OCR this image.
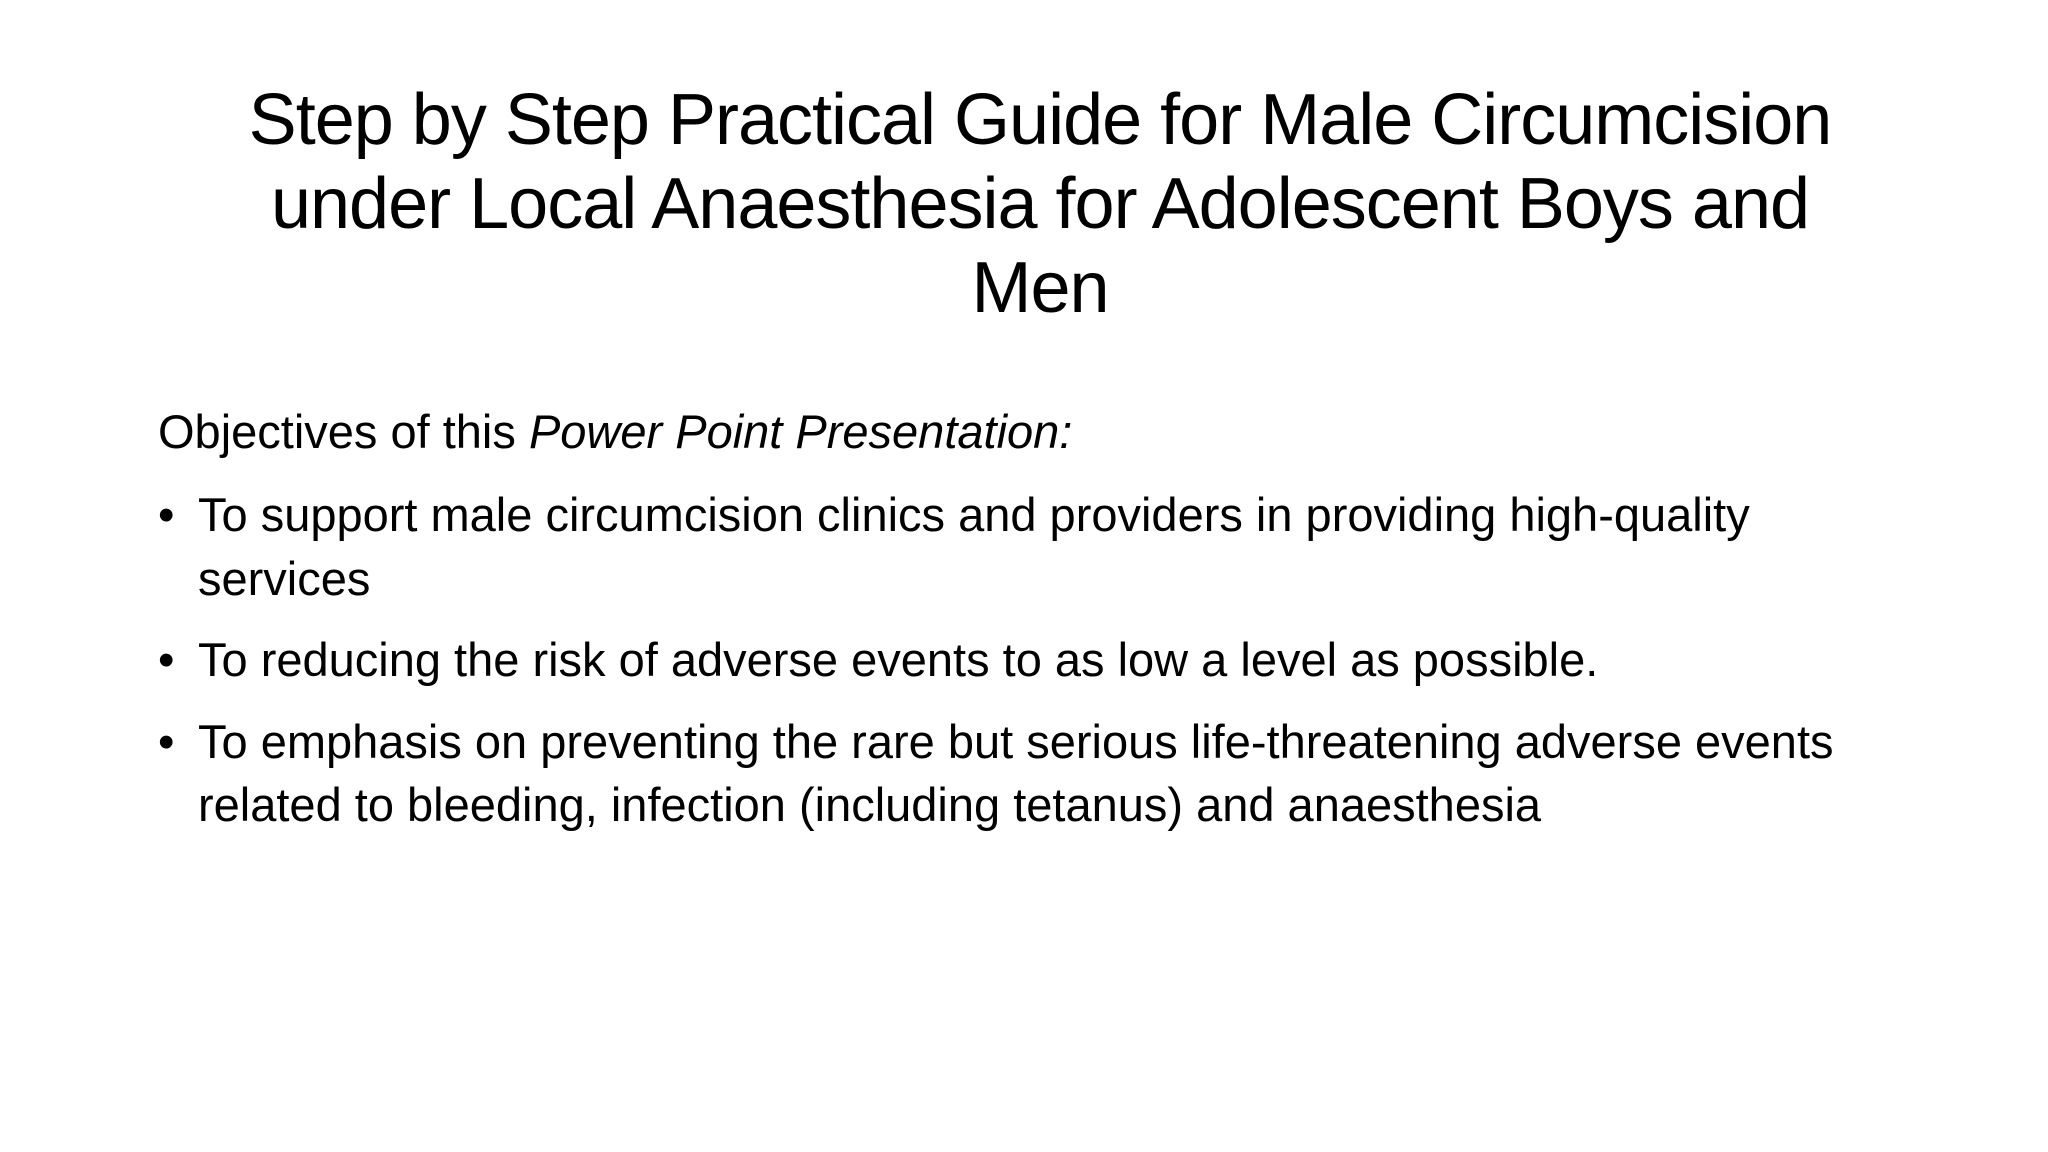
Step by Step Practical Guide for Male Circumcision
under Local Anaesthesia for Adolescent Boys and
Men

Objectives of this Power Point Presentation:

• To support male circumcision clinics and providers in providing high-quality services
• To reducing the risk of adverse events to as low a level as possible.
• To emphasis on preventing the rare but serious life-threatening adverse events related to bleeding, infection (including tetanus) and anaesthesia
